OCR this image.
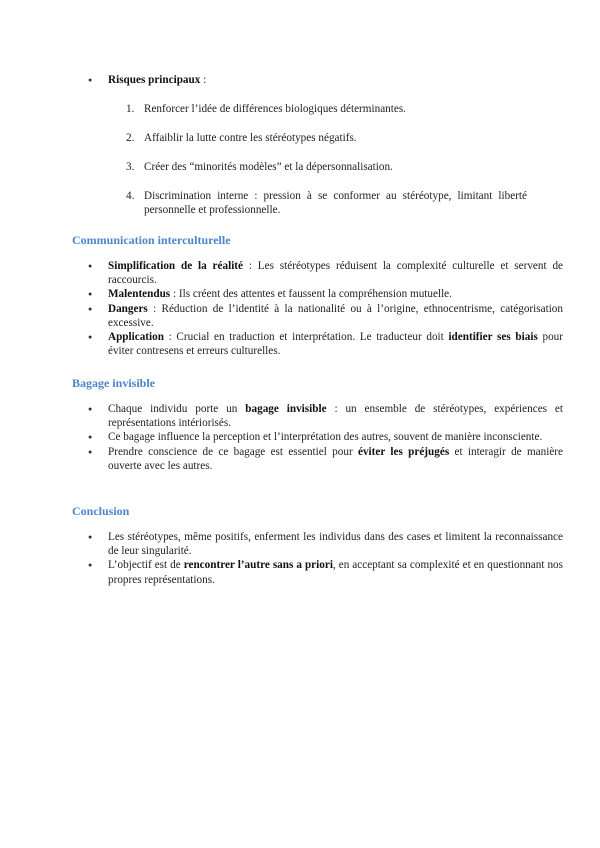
● Risques principaux :
1. Renforcer l’idée de différences biologiques déterminantes.
2. Affaiblir la lutte contre les stéréotypes négatifs.
3. Créer des “minorités modèles” et la dépersonnalisation.
4. Discrimination interne : pression à se conformer au stéréotype, limitant liberté personnelle et professionnelle.
Communication interculturelle
● Simplification de la réalité : Les stéréotypes réduisent la complexité culturelle et servent de raccourcis.
● Malentendus : Ils créent des attentes et faussent la compréhension mutuelle.
● Dangers : Réduction de l’identité à la nationalité ou à l’origine, ethnocentrisme, catégorisation excessive.
● Application : Crucial en traduction et interprétation. Le traducteur doit identifier ses biais pour éviter contresens et erreurs culturelles.
Bagage invisible
● Chaque individu porte un bagage invisible : un ensemble de stéréotypes, expériences et représentations intériorisés.
● Ce bagage influence la perception et l’interprétation des autres, souvent de manière inconsciente.
● Prendre conscience de ce bagage est essentiel pour éviter les préjugés et interagir de manière ouverte avec les autres.
Conclusion
● Les stéréotypes, même positifs, enferment les individus dans des cases et limitent la reconnaissance de leur singularité.
● L’objectif est de rencontrer l’autre sans a priori, en acceptant sa complexité et en questionnant nos propres représentations.
